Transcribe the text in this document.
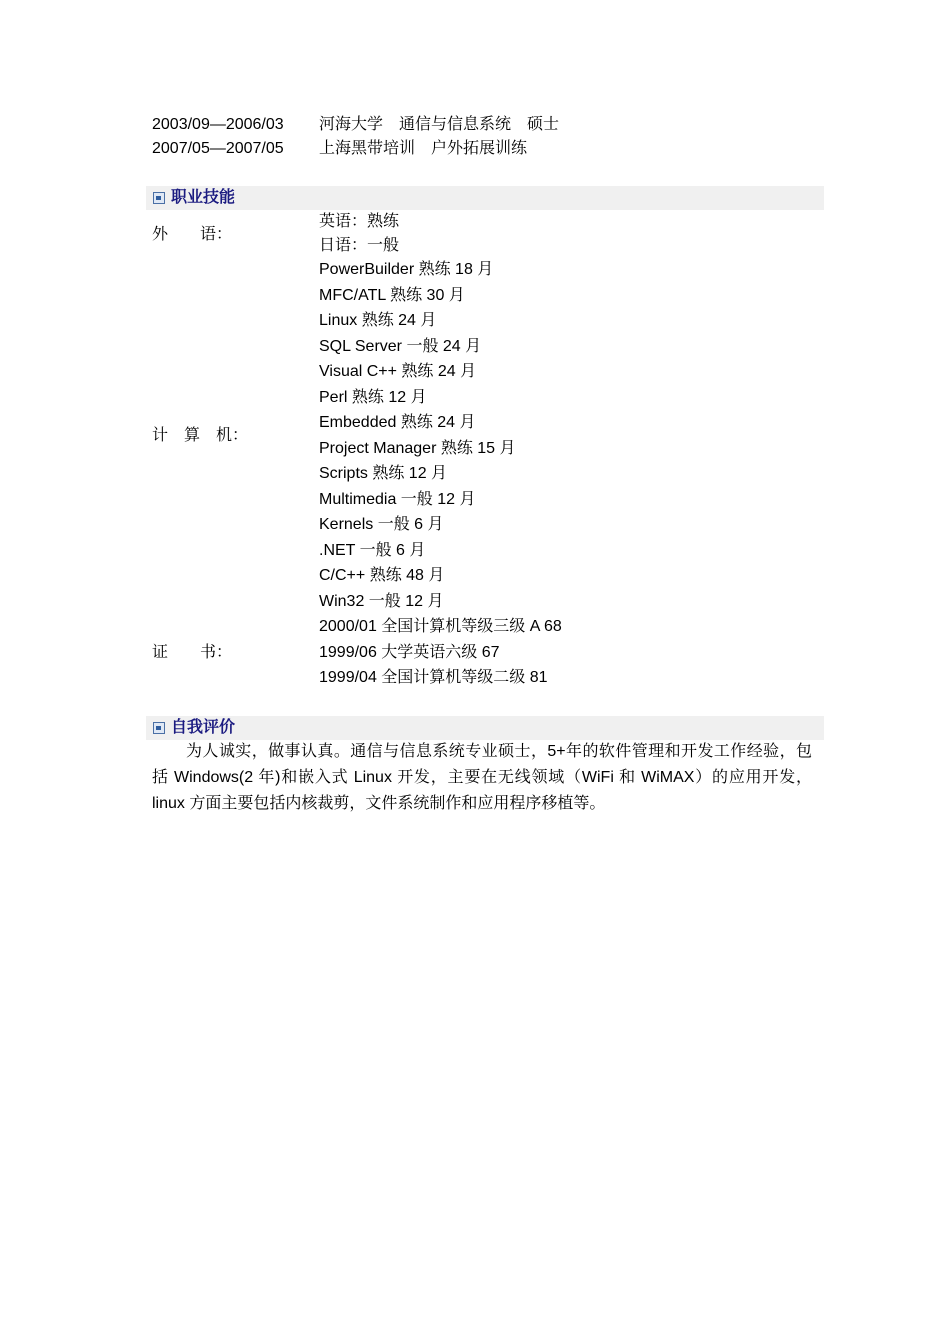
2003/09—2006/03 河海大学　通信与信息系统　硕士
2007/05—2007/05 上海黑带培训　户外拓展训练
职业技能
外　　语：
计　算　机：
证　　书：
英语：熟练
日语：一般
PowerBuilder 熟练 18 月
MFC/ATL 熟练 30 月
Linux 熟练 24 月
SQL Server 一般 24 月
Visual C++ 熟练 24 月
Perl 熟练 12 月
Embedded 熟练 24 月
Project Manager 熟练 15 月
Scripts 熟练 12 月
Multimedia 一般 12 月
Kernels 一般 6 月
.NET 一般 6 月
C/C++ 熟练 48 月
Win32 一般 12 月
2000/01 全国计算机等级三级 A 68
1999/06 大学英语六级 67
1999/04 全国计算机等级二级 81
自我评价
为人诚实，做事认真。通信与信息系统专业硕士，5+年的软件管理和开发工作经验，包括 Windows(2 年)和嵌入式 Linux 开发，主要在无线领域（WiFi 和 WiMAX）的应用开发，linux 方面主要包括内核裁剪，文件系统制作和应用程序移植等。
